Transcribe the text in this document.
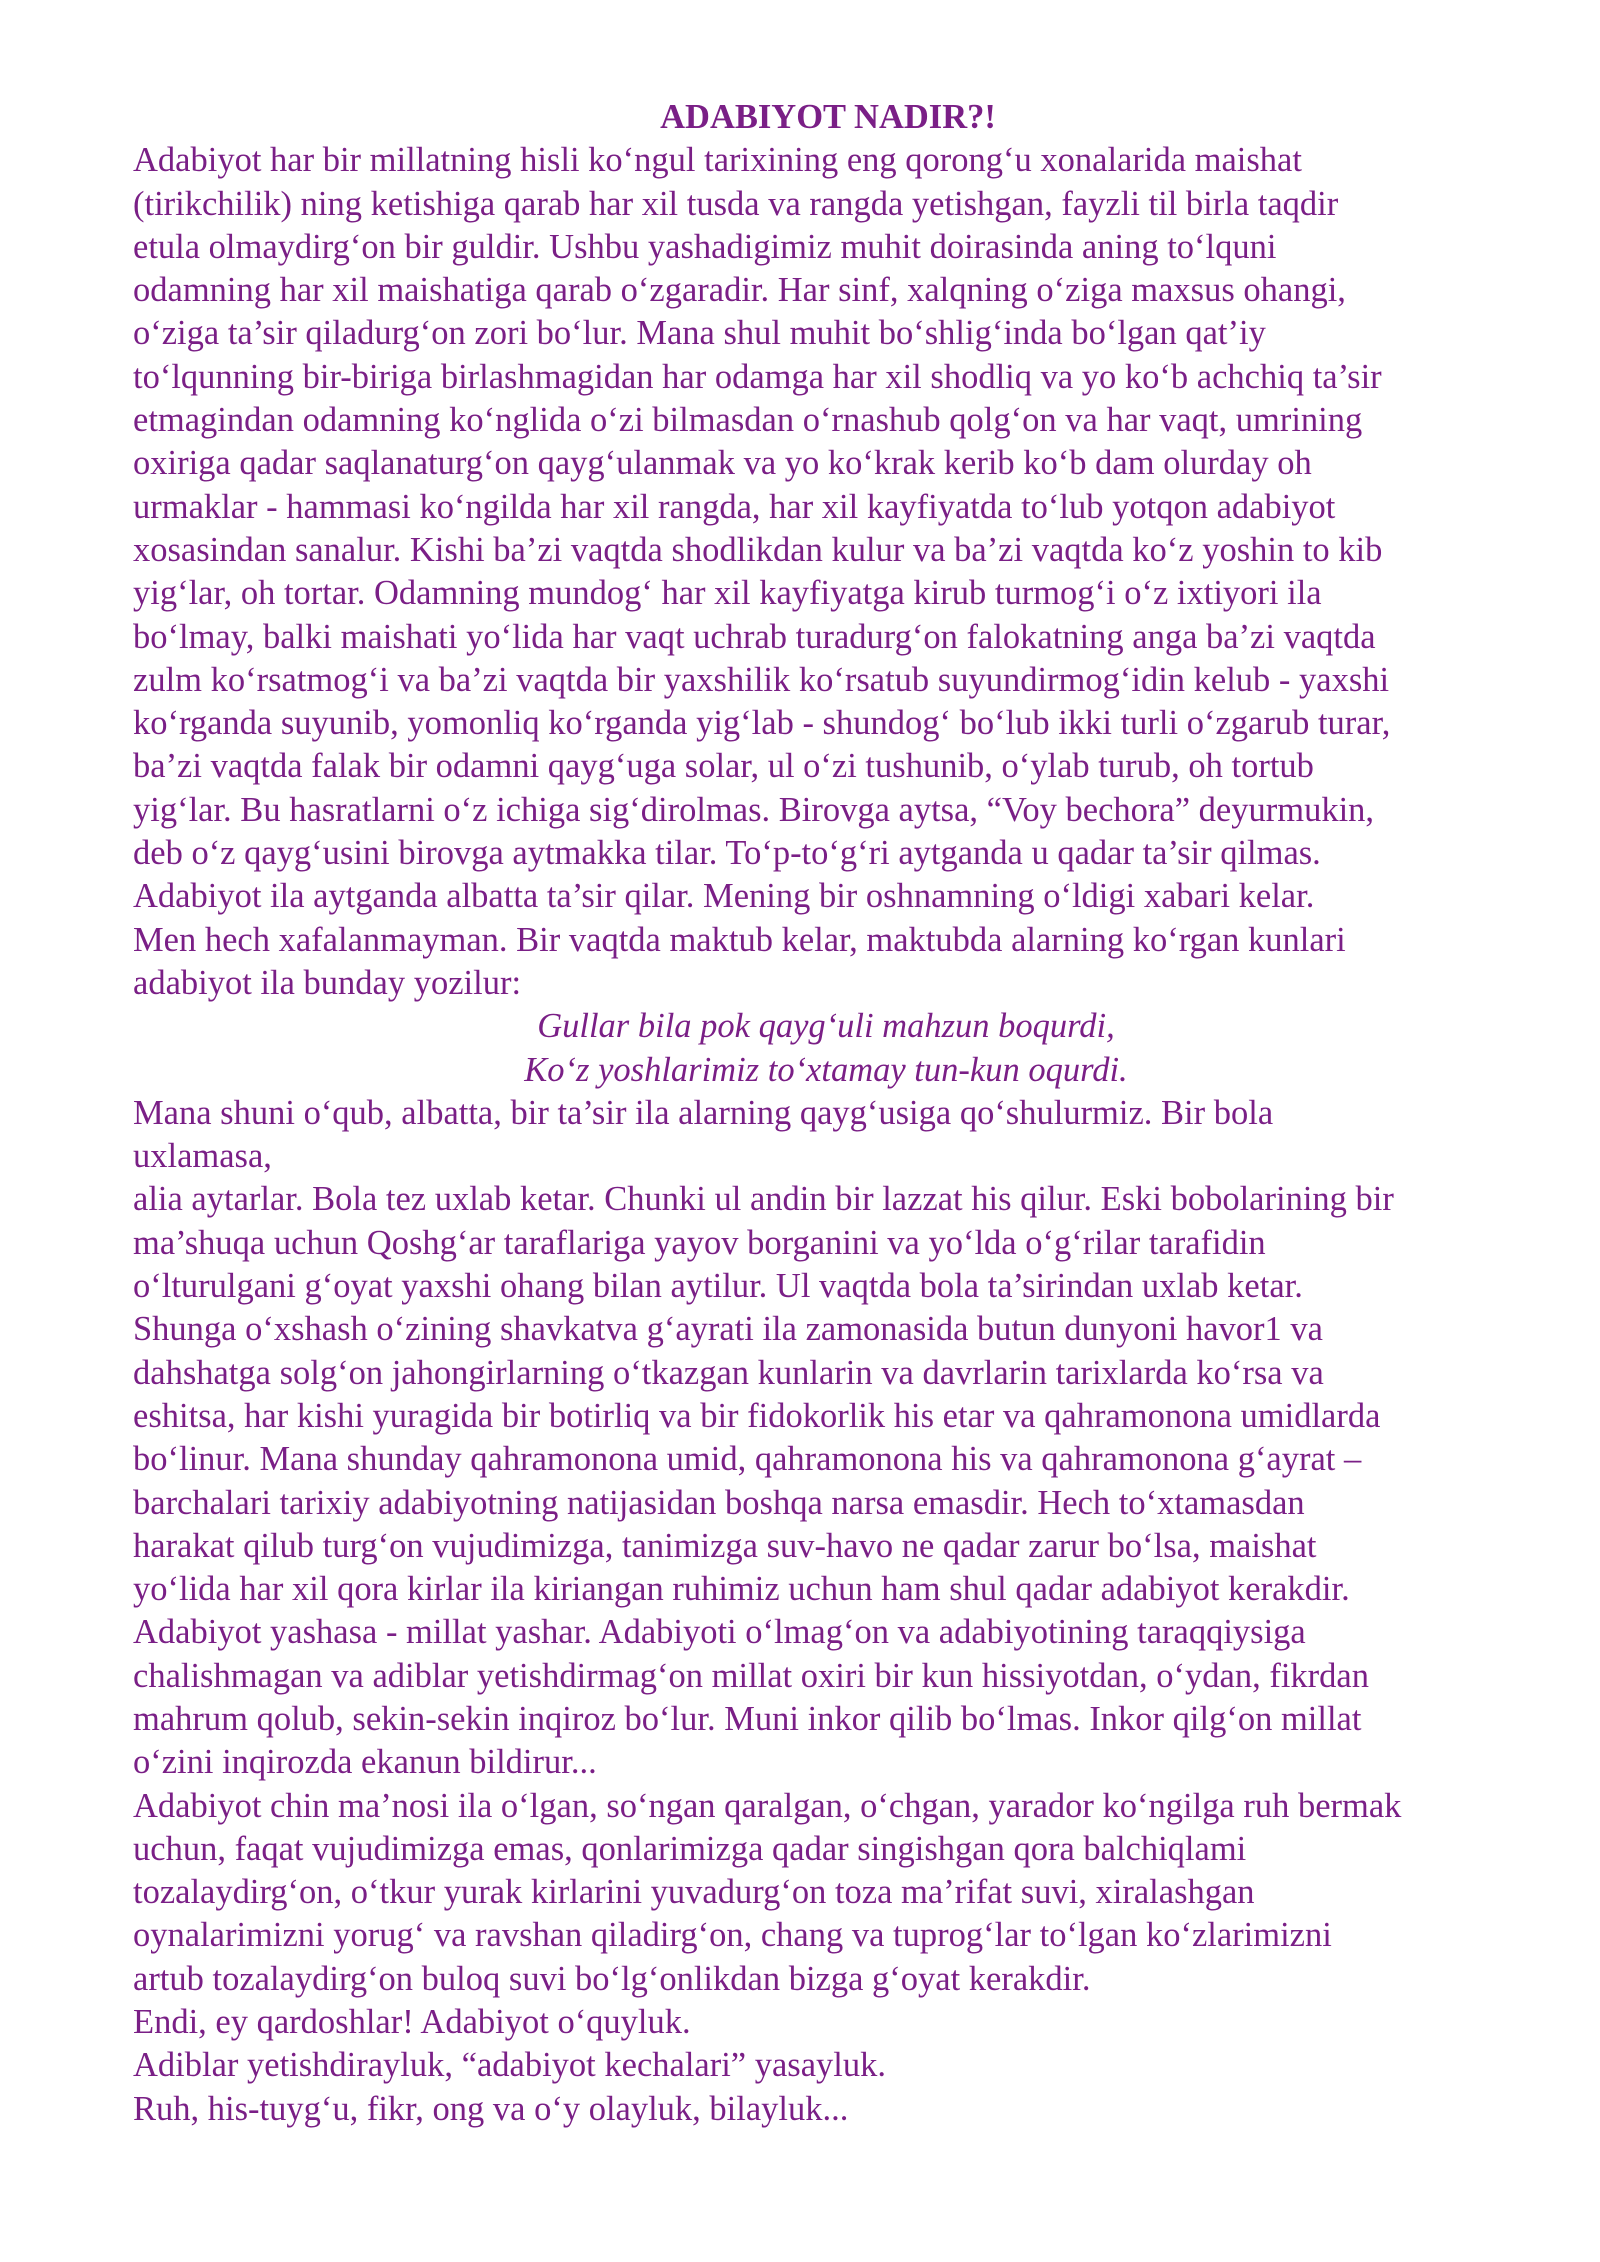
ADABIYOT NADIR?!
Adabiyot har bir millatning hisli ko‘ngul tarixining eng qorong‘u xonalarida maishat
(tirikchilik) ning ketishiga qarab har xil tusda va rangda yetishgan, fayzli til birla taqdir
etula olmaydirg‘on bir guldir. Ushbu yashadigimiz muhit doirasinda aning to‘lquni
odamning har xil maishatiga qarab o‘zgaradir. Har sinf, xalqning o‘ziga maxsus ohangi,
o‘ziga ta’sir qiladurg‘on zori bo‘lur. Mana shul muhit bo‘shlig‘inda bo‘lgan qat’iy
to‘lqunning bir-biriga birlashmagidan har odamga har xil shodliq va yo ko‘b achchiq ta’sir
etmagindan odamning ko‘nglida o‘zi bilmasdan o‘rnashub qolg‘on va har vaqt, umrining
oxiriga qadar saqlanaturg‘on qayg‘ulanmak va yo ko‘krak kerib ko‘b dam olurday oh
urmaklar - hammasi ko‘ngilda har xil rangda, har xil kayfiyatda to‘lub yotqon adabiyot
xosasindan sanalur. Kishi ba’zi vaqtda shodlikdan kulur va ba’zi vaqtda ko‘z yoshin to kib
yig‘lar, oh tortar. Odamning mundog‘ har xil kayfiyatga kirub turmog‘i o‘z ixtiyori ila
bo‘lmay, balki maishati yo‘lida har vaqt uchrab turadurg‘on falokatning anga ba’zi vaqtda
zulm ko‘rsatmog‘i va ba’zi vaqtda bir yaxshilik ko‘rsatub suyundirmog‘idin kelub - yaxshi
ko‘rganda suyunib, yomonliq ko‘rganda yig‘lab - shundog‘ bo‘lub ikki turli o‘zgarub turar,
ba’zi vaqtda falak bir odamni qayg‘uga solar, ul o‘zi tushunib, o‘ylab turub, oh tortub
yig‘lar. Bu hasratlarni o‘z ichiga sig‘dirolmas. Birovga aytsa, “Voy bechora” deyurmukin,
deb o‘z qayg‘usini birovga aytmakka tilar. To‘p-to‘g‘ri aytganda u qadar ta’sir qilmas.
Adabiyot ila aytganda albatta ta’sir qilar. Mening bir oshnamning o‘ldigi xabari kelar.
Men hech xafalanmayman. Bir vaqtda maktub kelar, maktubda alarning ko‘rgan kunlari
adabiyot ila bunday yozilur:
Gullar bila pok qayg‘uli mahzun boqurdi,
Ko‘z yoshlarimiz to‘xtamay tun-kun oqurdi.
Mana shuni o‘qub, albatta, bir ta’sir ila alarning qayg‘usiga qo‘shulurmiz. Bir bola
uxlamasa,
alia aytarlar. Bola tez uxlab ketar. Chunki ul andin bir lazzat his qilur. Eski bobolarining bir
ma’shuqa uchun Qoshg‘ar taraflariga yayov borganini va yo‘lda o‘g‘rilar tarafidin
o‘lturulgani g‘oyat yaxshi ohang bilan aytilur. Ul vaqtda bola ta’sirindan uxlab ketar.
Shunga o‘xshash o‘zining shavkatva g‘ayrati ila zamonasida butun dunyoni havor1 va
dahshatga solg‘on jahongirlarning o‘tkazgan kunlarin va davrlarin tarixlarda ko‘rsa va
eshitsa, har kishi yuragida bir botirliq va bir fidokorlik his etar va qahramonona umidlarda
bo‘linur. Mana shunday qahramonona umid, qahramonona his va qahramonona g‘ayrat –
barchalari tarixiy adabiyotning natijasidan boshqa narsa emasdir. Hech to‘xtamasdan
harakat qilub turg‘on vujudimizga, tanimizga suv-havo ne qadar zarur bo‘lsa, maishat
yo‘lida har xil qora kirlar ila kiriangan ruhimiz uchun ham shul qadar adabiyot kerakdir.
Adabiyot yashasa - millat yashar. Adabiyoti o‘lmag‘on va adabiyotining taraqqiysiga
chalishmagan va adiblar yetishdirmag‘on millat oxiri bir kun hissiyotdan, o‘ydan, fikrdan
mahrum qolub, sekin-sekin inqiroz bo‘lur. Muni inkor qilib bo‘lmas. Inkor qilg‘on millat
o‘zini inqirozda ekanun bildirur...
Adabiyot chin ma’nosi ila o‘lgan, so‘ngan qaralgan, o‘chgan, yarador ko‘ngilga ruh bermak
uchun, faqat vujudimizga emas, qonlarimizga qadar singishgan qora balchiqlami
tozalaydirg‘on, o‘tkur yurak kirlarini yuvadurg‘on toza ma’rifat suvi, xiralashgan
oynalarimizni yorug‘ va ravshan qiladirg‘on, chang va tuprog‘lar to‘lgan ko‘zlarimizni
artub tozalaydirg‘on buloq suvi bo‘lg‘onlikdan bizga g‘oyat kerakdir.
Endi, ey qardoshlar! Adabiyot o‘quyluk.
Adiblar yetishdirayluk, “adabiyot kechalari” yasayluk.
Ruh, his-tuyg‘u, fikr, ong va o‘y olayluk, bilayluk...
